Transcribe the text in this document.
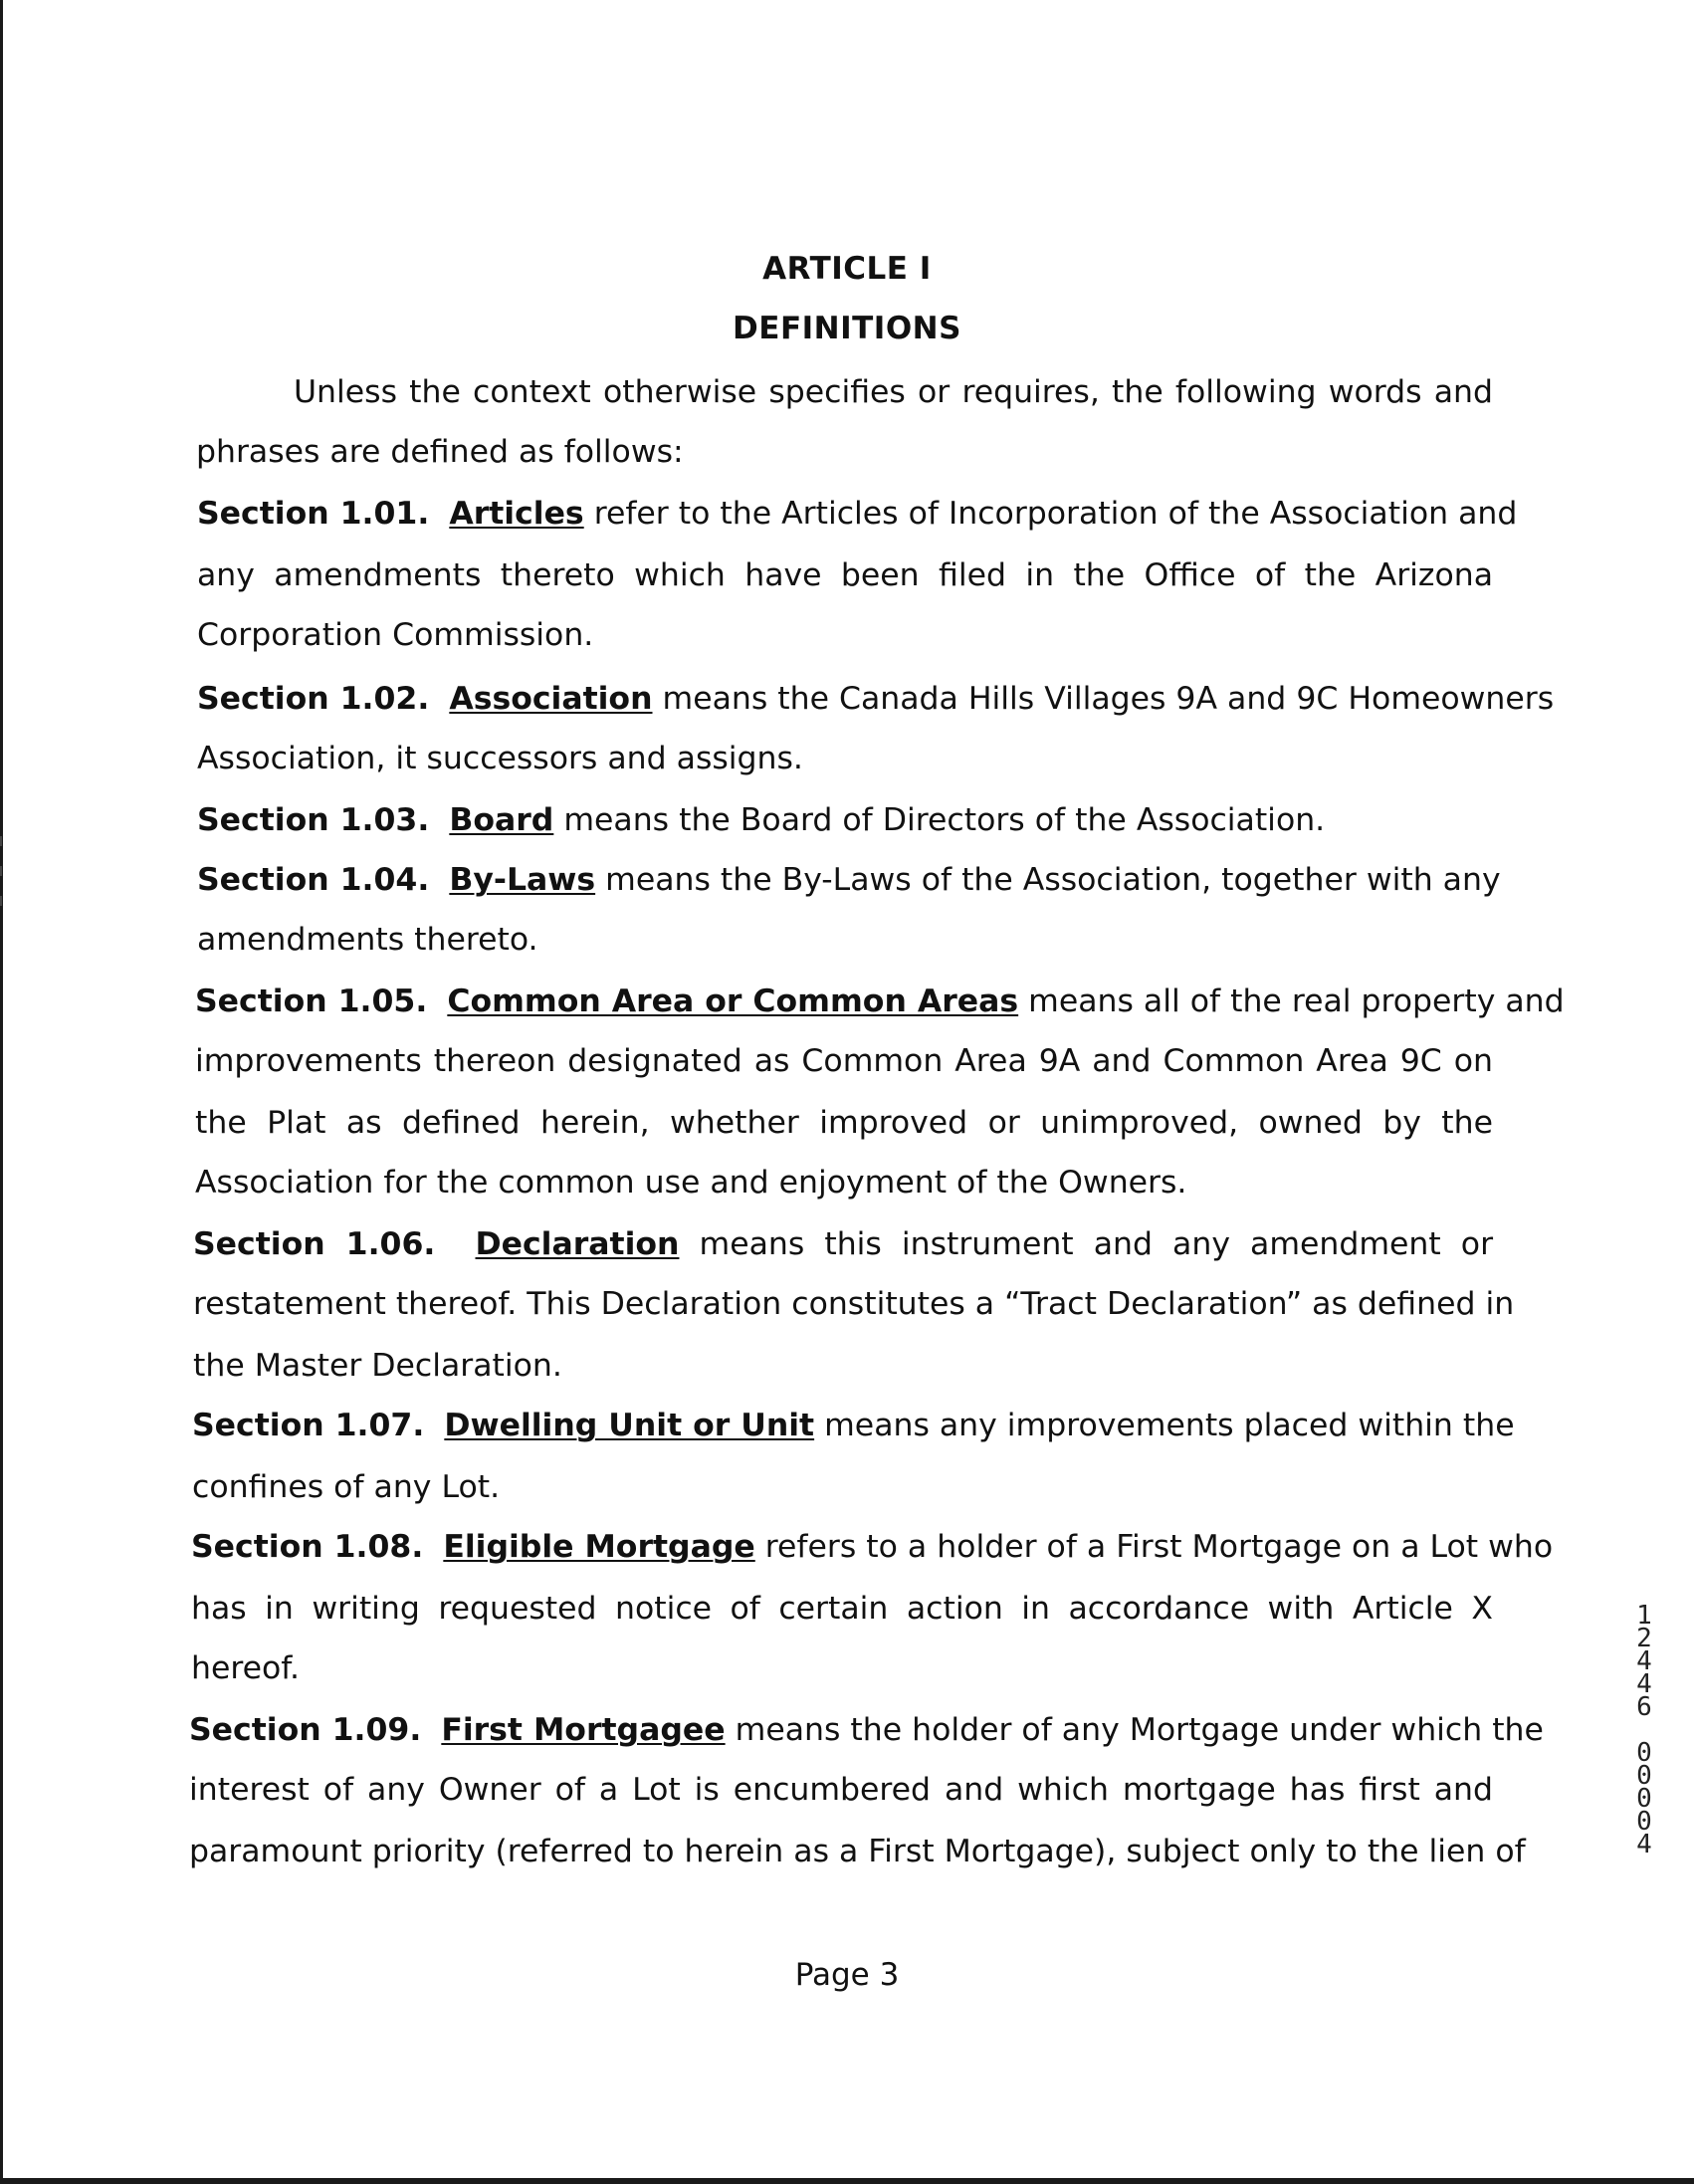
ARTICLE I
DEFINITIONS
Unless the context otherwise specifies or requires, the following words and
phrases are defined as follows:
Section 1.01. Articles refer to the Articles of Incorporation of the Association and
any amendments thereto which have been filed in the Office of the Arizona
Corporation Commission.
Section 1.02. Association means the Canada Hills Villages 9A and 9C Homeowners
Association, it successors and assigns.
Section 1.03. Board means the Board of Directors of the Association.
Section 1.04. By-Laws means the By-Laws of the Association, together with any
amendments thereto.
Section 1.05. Common Area or Common Areas means all of the real property and
improvements thereon designated as Common Area 9A and Common Area 9C on
the Plat as defined herein, whether improved or unimproved, owned by the
Association for the common use and enjoyment of the Owners.
Section 1.06. Declaration means this instrument and any amendment or
restatement thereof. This Declaration constitutes a “Tract Declaration” as defined in
the Master Declaration.
Section 1.07. Dwelling Unit or Unit means any improvements placed within the
confines of any Lot.
Section 1.08. Eligible Mortgage refers to a holder of a First Mortgage on a Lot who
has in writing requested notice of certain action in accordance with Article X
hereof.
Section 1.09. First Mortgagee means the holder of any Mortgage under which the
interest of any Owner of a Lot is encumbered and which mortgage has first and
paramount priority (referred to herein as a First Mortgage), subject only to the lien of
Page 3
1
2
4
4
6

0
0
0
0
4
